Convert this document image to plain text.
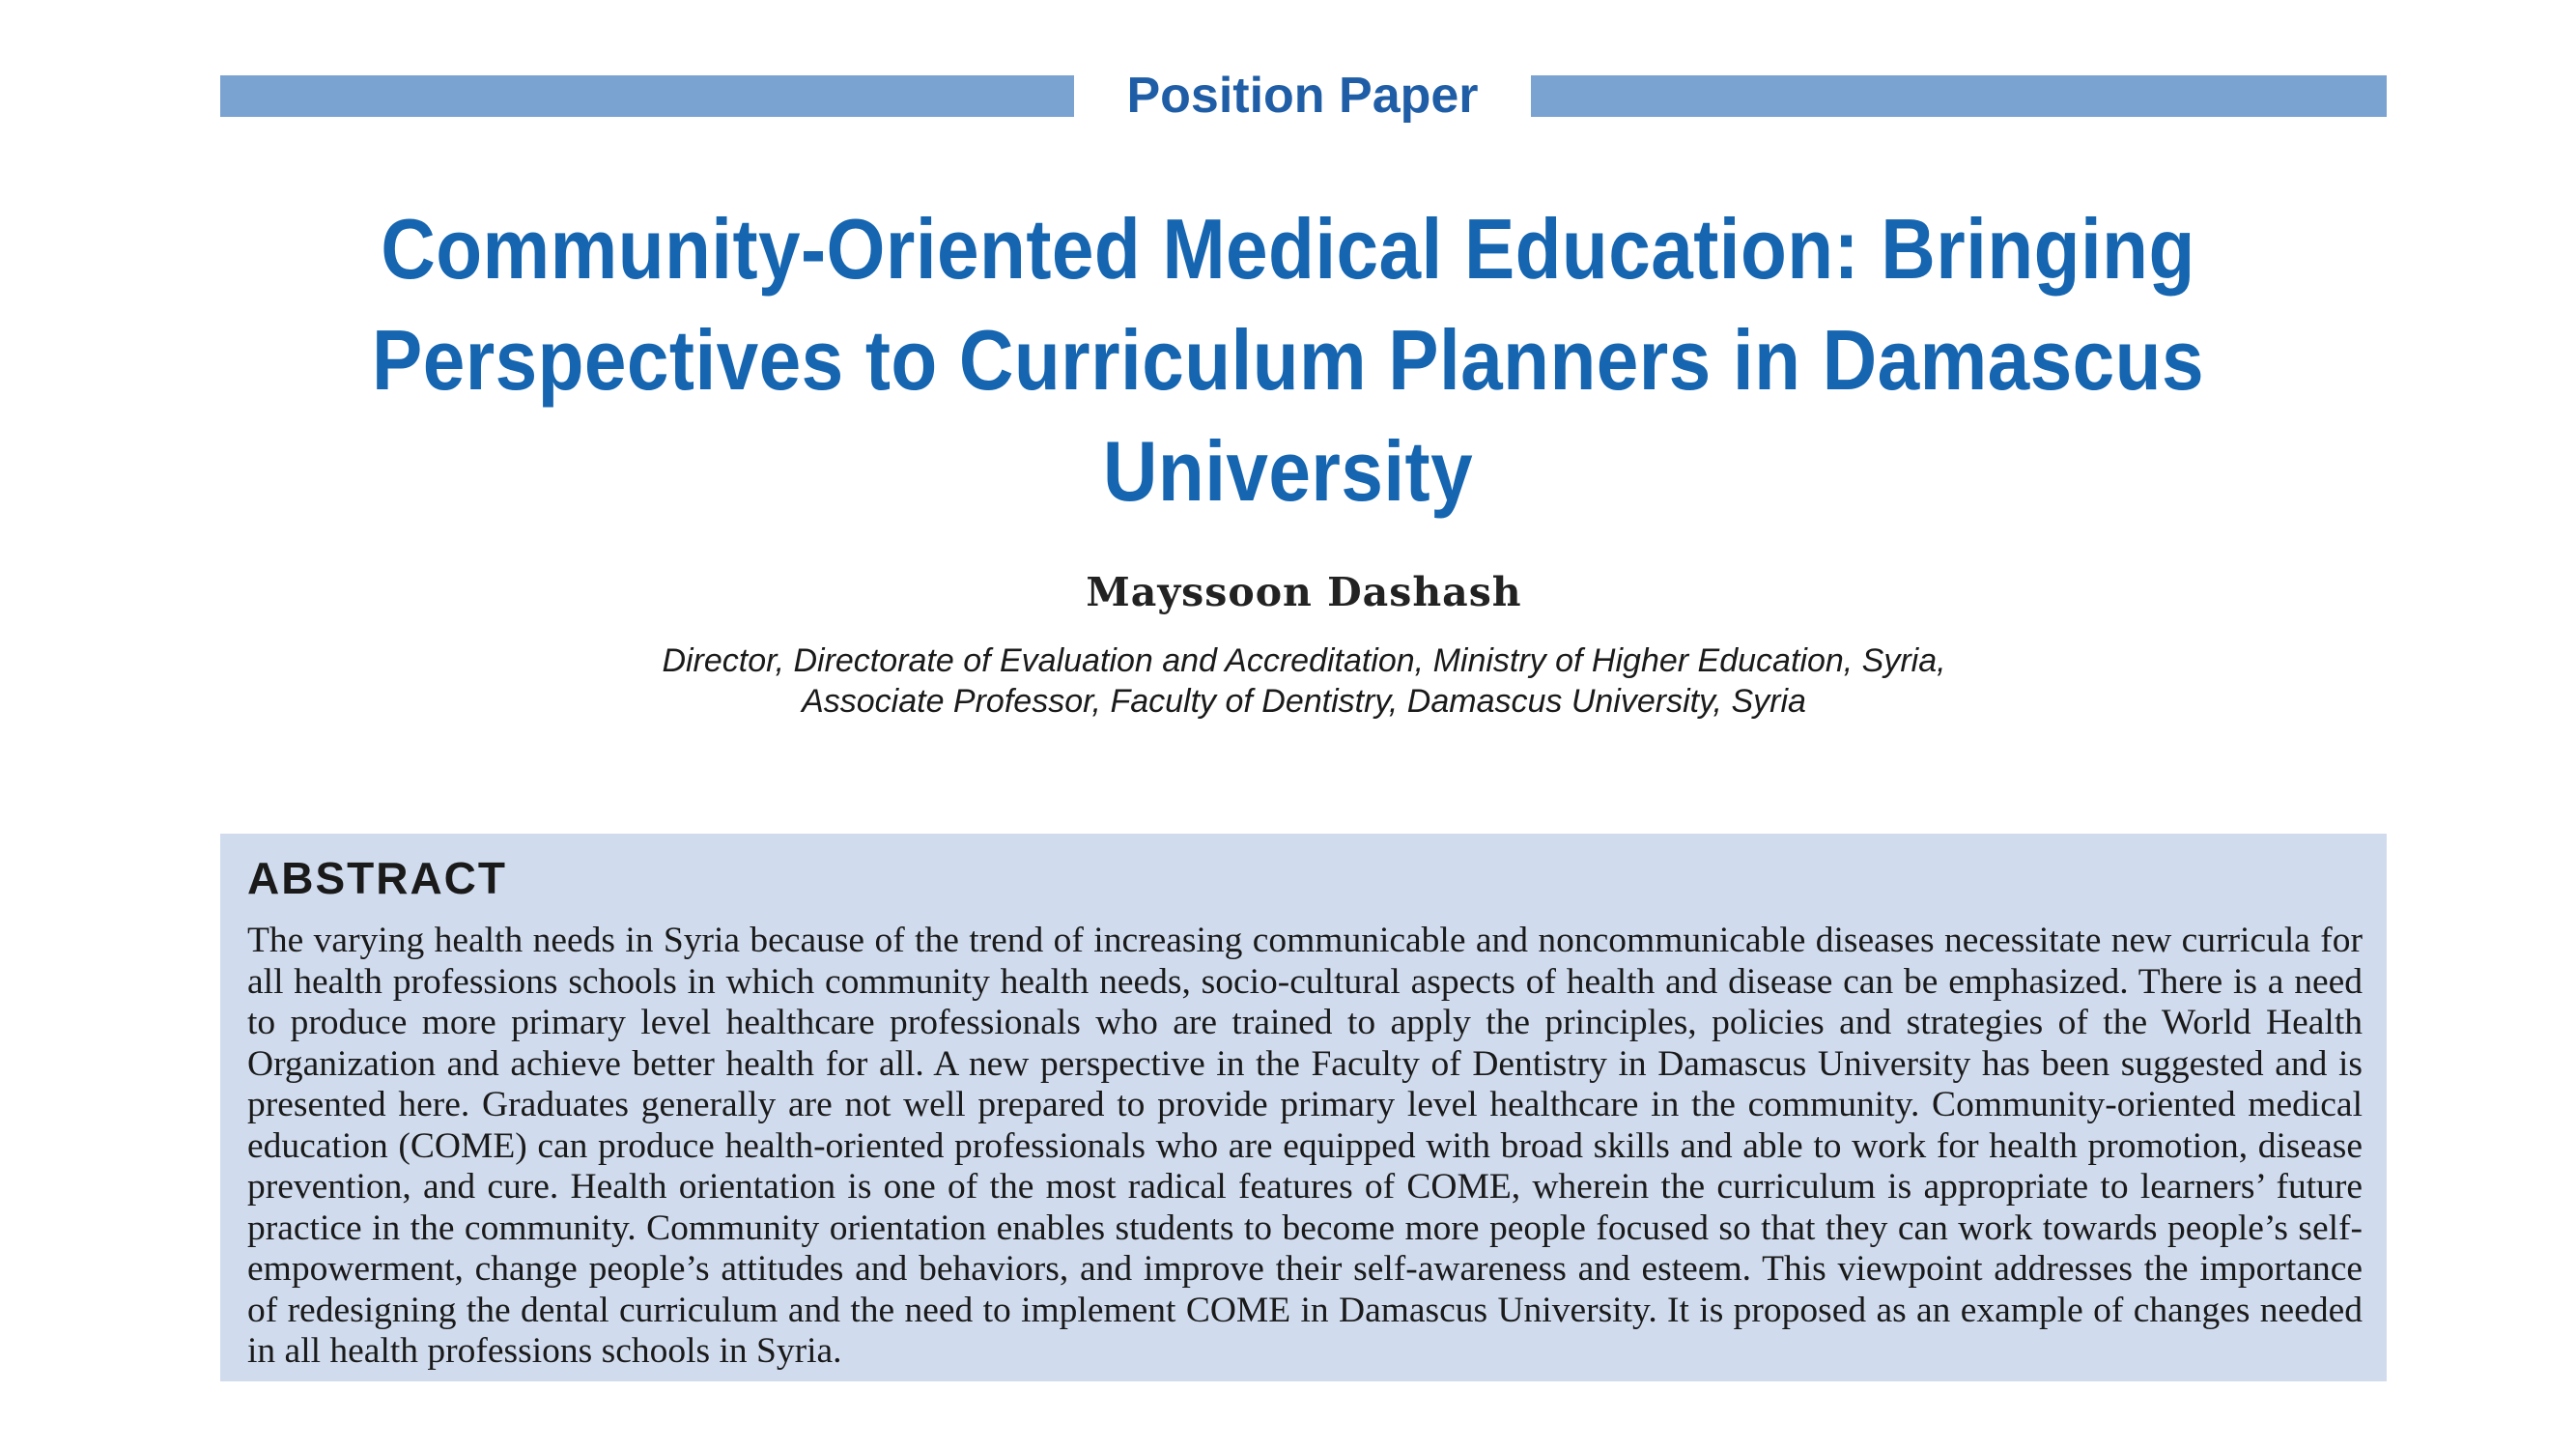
Position Paper
Community-Oriented Medical Education: Bringing
Perspectives to Curriculum Planners in Damascus
University
Mayssoon Dashash
Director, Directorate of Evaluation and Accreditation, Ministry of Higher Education, Syria,
Associate Professor, Faculty of Dentistry, Damascus University, Syria
ABSTRACT

The varying health needs in Syria because of the trend of increasing communicable and noncommunicable diseases necessitate new curricula for all health professions schools in which community health needs, socio-cultural aspects of health and disease can be emphasized. There is a need to produce more primary level healthcare professionals who are trained to apply the principles, policies and strategies of the World Health Organization and achieve better health for all. A new perspective in the Faculty of Dentistry in Damascus University has been suggested and is presented here. Graduates generally are not well prepared to provide primary level healthcare in the community. Community-oriented medical education (COME) can produce health-oriented professionals who are equipped with broad skills and able to work for health promotion, disease prevention, and cure. Health orientation is one of the most radical features of COME, wherein the curriculum is appropriate to learners’ future practice in the community. Community orientation enables students to become more people focused so that they can work towards people’s self-empowerment, change people’s attitudes and behaviors, and improve their self-awareness and esteem. This viewpoint addresses the importance of redesigning the dental curriculum and the need to implement COME in Damascus University. It is proposed as an example of changes needed in all health professions schools in Syria.
